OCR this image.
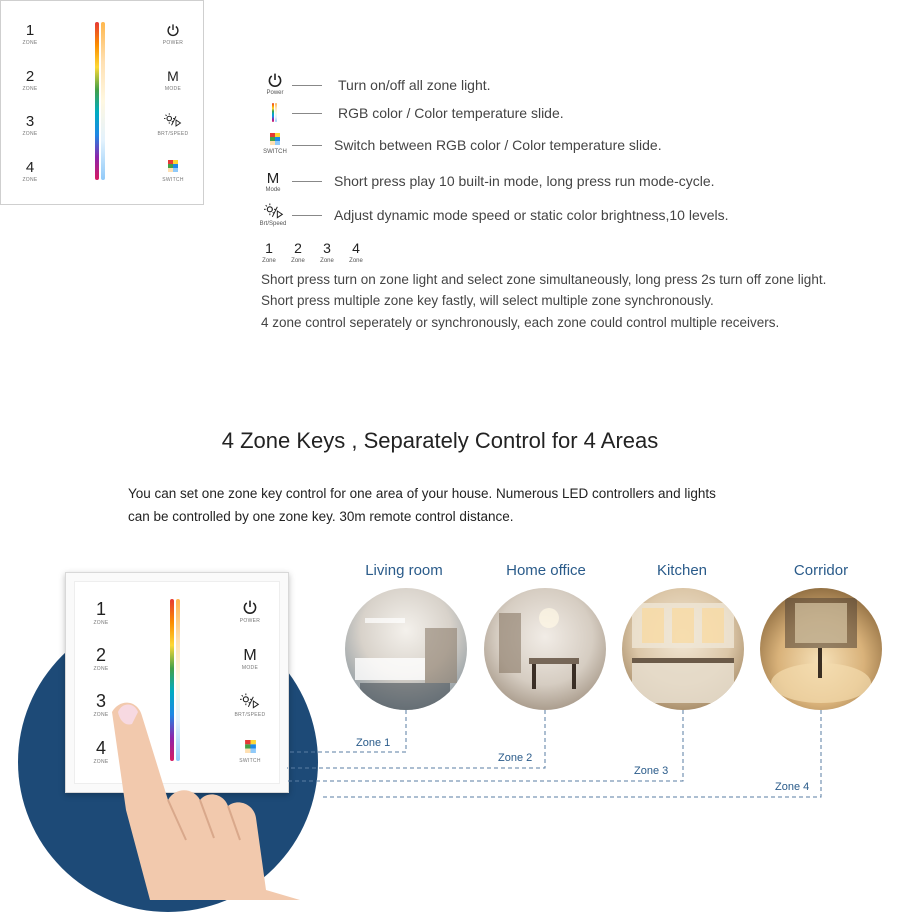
1
ZONE
2
ZONE
3
ZONE
4
ZONE
POWER
M
MODE
BRT/SPEED
SWITCH
Power	Turn on/off all zone light.
RGB color / Color temperature slide.
SWITCH	Switch between RGB color / Color temperature slide.
M
Mode
Short press play 10 built-in mode, long press run mode-cycle.
Brt/Speed
Adjust dynamic mode speed or static color brightness,10 levels.
1
Zone
2
Zone
3
Zone
4
Zone
Short press turn on zone light and select zone simultaneously, long press 2s turn off zone light.
Short press multiple zone key fastly, will select multiple zone synchronously.
4 zone control seperately or synchronously, each zone could control multiple receivers.
4 Zone Keys , Separately Control for 4 Areas
You can set one zone key control for one area of your house. Numerous LED controllers and lights
can be controlled by one zone key. 30m remote control distance.
1
ZONE
2
ZONE
3
ZONE
4
ZONE
POWER
M
MODE
BRT/SPEED
SWITCH
Living room	Home office	Kitchen	Corridor
Zone 1
Zone 2
Zone 3
Zone 4
